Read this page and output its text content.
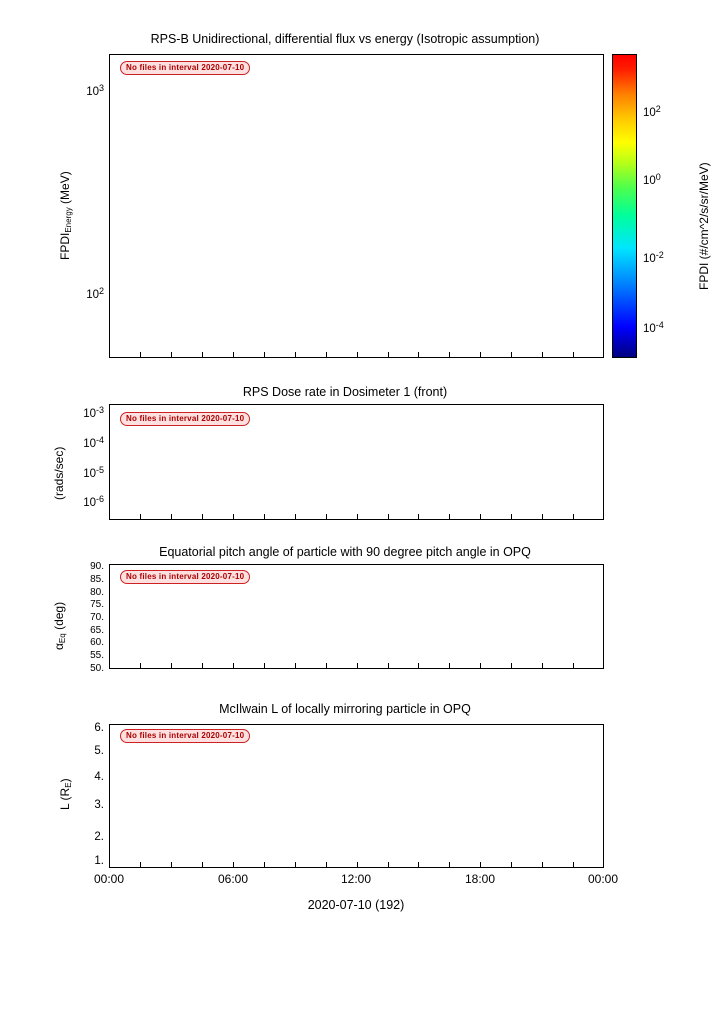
RPS-B Unidirectional, differential flux vs energy (Isotropic assumption)
No files in interval 2020-07-10
$FPDI_{Energy}$ (MeV)
$10^3$
$10^2$
FPDI (#/cm^2/s/sr/MeV)
$10^2$
$10^0$
$10^{-2}$
$10^{-4}$
RPS Dose rate in Dosimeter 1 (front)
No files in interval 2020-07-10
(rads/sec)
$10^{-3}$
$10^{-4}$
$10^{-5}$
$10^{-6}$
Equatorial pitch angle of particle with 90 degree pitch angle in OPQ
No files in interval 2020-07-10
$\alpha_{Eq}$ (deg)
90.
85.
80.
75.
70.
65.
60.
55.
50.
McIlwain L of locally mirroring particle in OPQ
No files in interval 2020-07-10
L $(R_E)$
6.
5.
4.
3.
2.
1.
00:00	06:00	12:00	18:00	00:00
2020-07-10 (192)
